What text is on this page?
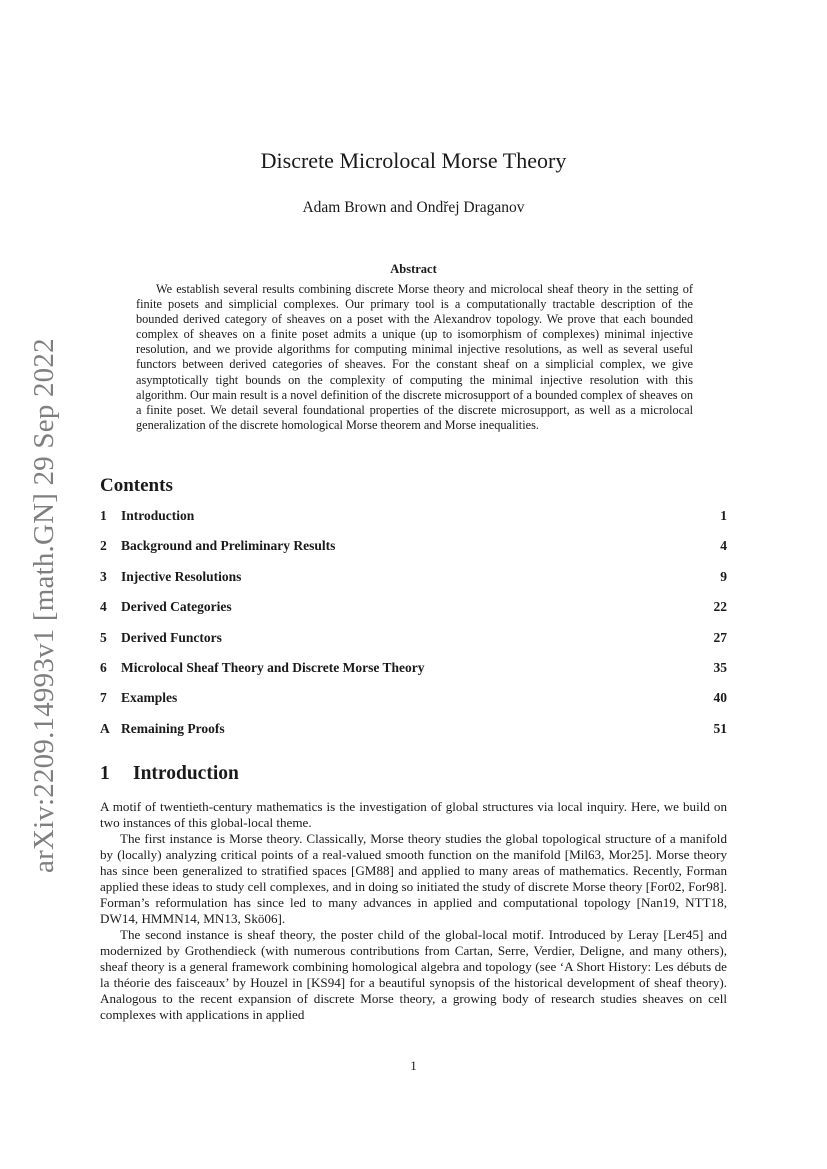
arXiv:2209.14993v1 [math.GN] 29 Sep 2022
Discrete Microlocal Morse Theory
Adam Brown and Ondřej Draganov
Abstract

We establish several results combining discrete Morse theory and microlocal sheaf theory in the setting of finite posets and simplicial complexes. Our primary tool is a computationally tractable description of the bounded derived category of sheaves on a poset with the Alexandrov topology. We prove that each bounded complex of sheaves on a finite poset admits a unique (up to isomorphism of complexes) minimal injective resolution, and we provide algorithms for computing minimal injective resolutions, as well as several useful functors between derived categories of sheaves. For the constant sheaf on a simplicial complex, we give asymptotically tight bounds on the complexity of computing the minimal injective resolution with this algorithm. Our main result is a novel definition of the discrete microsupport of a bounded complex of sheaves on a finite poset. We detail several foundational properties of the discrete microsupport, as well as a microlocal generalization of the discrete homological Morse theorem and Morse inequalities.

Contents
1 Introduction	1
2 Background and Preliminary Results	4
3 Injective Resolutions	9
4 Derived Categories	22
5 Derived Functors	27
6 Microlocal Sheaf Theory and Discrete Morse Theory	35
7 Examples	40
A Remaining Proofs	51
1 Introduction

A motif of twentieth-century mathematics is the investigation of global structures via local inquiry. Here, we build on two instances of this global-local theme.

The first instance is Morse theory. Classically, Morse theory studies the global topological structure of a manifold by (locally) analyzing critical points of a real-valued smooth function on the manifold [Mil63, Mor25]. Morse theory has since been generalized to stratified spaces [GM88] and applied to many areas of mathematics. Recently, Forman applied these ideas to study cell complexes, and in doing so initiated the study of discrete Morse theory [For02, For98]. Forman’s reformulation has since led to many advances in applied and computational topology [Nan19, NTT18, DW14, HMMN14, MN13, Skö06].

The second instance is sheaf theory, the poster child of the global-local motif. Introduced by Leray [Ler45] and modernized by Grothendieck (with numerous contributions from Cartan, Serre, Verdier, Deligne, and many others), sheaf theory is a general framework combining homological algebra and topology (see ‘A Short History: Les débuts de la théorie des faisceaux’ by Houzel in [KS94] for a beautiful synopsis of the historical development of sheaf theory). Analogous to the recent expansion of discrete Morse theory, a growing body of research studies sheaves on cell complexes with applications in applied

1
